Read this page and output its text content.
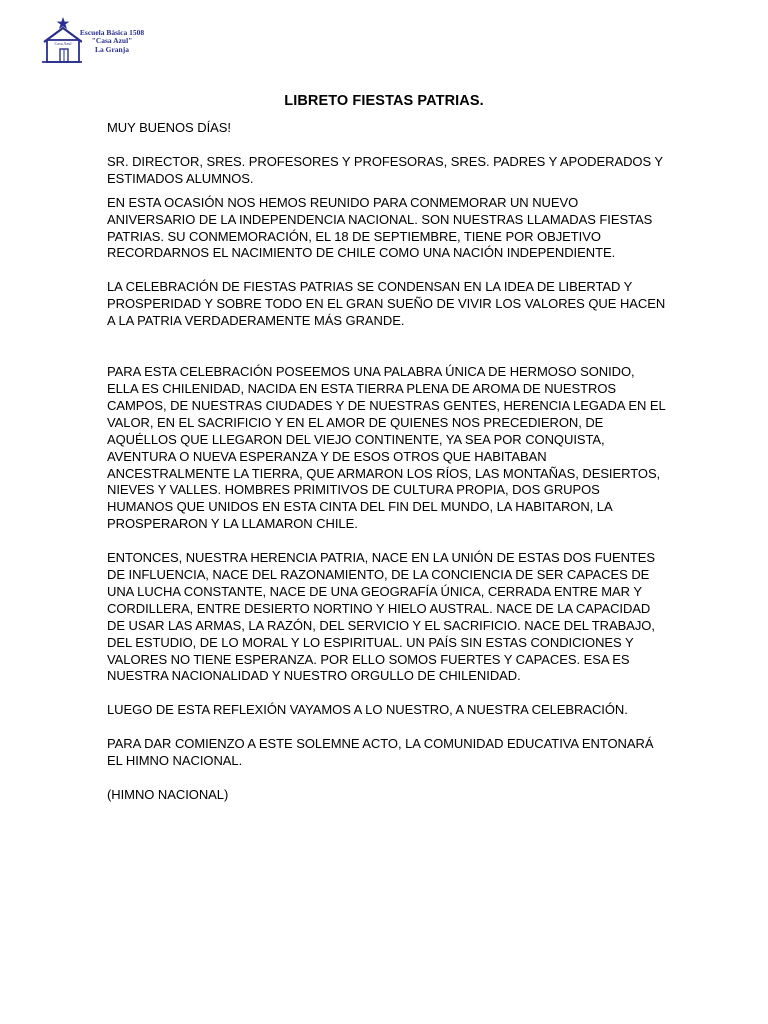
Casa Azul
Escuela Básica 1508
"Casa Azul"
La Granja
LIBRETO FIESTAS PATRIAS.

MUY BUENOS DÍAS!

SR. DIRECTOR, SRES. PROFESORES Y PROFESORAS, SRES. PADRES Y APODERADOS Y ESTIMADOS ALUMNOS.

EN ESTA OCASIÓN NOS HEMOS REUNIDO PARA CONMEMORAR UN NUEVO ANIVERSARIO DE LA INDEPENDENCIA NACIONAL. SON NUESTRAS LLAMADAS FIESTAS PATRIAS. SU CONMEMORACIÓN, EL 18 DE SEPTIEMBRE, TIENE POR OBJETIVO RECORDARNOS EL NACIMIENTO DE CHILE COMO UNA NACIÓN INDEPENDIENTE.

LA CELEBRACIÓN DE FIESTAS PATRIAS SE CONDENSAN EN LA IDEA DE LIBERTAD Y PROSPERIDAD Y SOBRE TODO EN EL GRAN SUEÑO DE VIVIR LOS VALORES QUE HACEN A LA PATRIA VERDADERAMENTE MÁS GRANDE.

PARA ESTA CELEBRACIÓN POSEEMOS UNA PALABRA ÚNICA DE HERMOSO SONIDO, ELLA ES CHILENIDAD, NACIDA EN ESTA TIERRA PLENA DE AROMA DE NUESTROS CAMPOS, DE NUESTRAS CIUDADES Y DE NUESTRAS GENTES, HERENCIA LEGADA EN EL VALOR, EN EL SACRIFICIO Y EN EL AMOR DE QUIENES NOS PRECEDIERON, DE AQUÉLLOS QUE LLEGARON DEL VIEJO CONTINENTE, YA SEA POR CONQUISTA, AVENTURA O NUEVA ESPERANZA Y DE ESOS OTROS QUE HABITABAN ANCESTRALMENTE LA TIERRA, QUE ARMARON LOS RÍOS, LAS MONTAÑAS, DESIERTOS, NIEVES Y VALLES. HOMBRES PRIMITIVOS DE CULTURA PROPIA, DOS GRUPOS HUMANOS QUE UNIDOS EN ESTA CINTA DEL FIN DEL MUNDO, LA HABITARON, LA PROSPERARON Y LA LLAMARON CHILE.

ENTONCES, NUESTRA HERENCIA PATRIA, NACE EN LA UNIÓN DE ESTAS DOS FUENTES DE INFLUENCIA, NACE DEL RAZONAMIENTO, DE LA CONCIENCIA DE SER CAPACES DE UNA LUCHA CONSTANTE, NACE DE UNA GEOGRAFÍA ÚNICA, CERRADA ENTRE MAR Y CORDILLERA, ENTRE DESIERTO NORTINO Y HIELO AUSTRAL. NACE DE LA CAPACIDAD DE USAR LAS ARMAS, LA RAZÓN, DEL SERVICIO Y EL SACRIFICIO. NACE DEL TRABAJO, DEL ESTUDIO, DE LO MORAL Y LO ESPIRITUAL. UN PAÍS SIN ESTAS CONDICIONES Y VALORES NO TIENE ESPERANZA. POR ELLO SOMOS FUERTES Y CAPACES. ESA ES NUESTRA NACIONALIDAD Y NUESTRO ORGULLO DE CHILENIDAD.

LUEGO DE ESTA REFLEXIÓN VAYAMOS A LO NUESTRO, A NUESTRA CELEBRACIÓN.

PARA DAR COMIENZO A ESTE SOLEMNE ACTO, LA COMUNIDAD EDUCATIVA ENTONARÁ EL HIMNO NACIONAL.

(HIMNO NACIONAL)
